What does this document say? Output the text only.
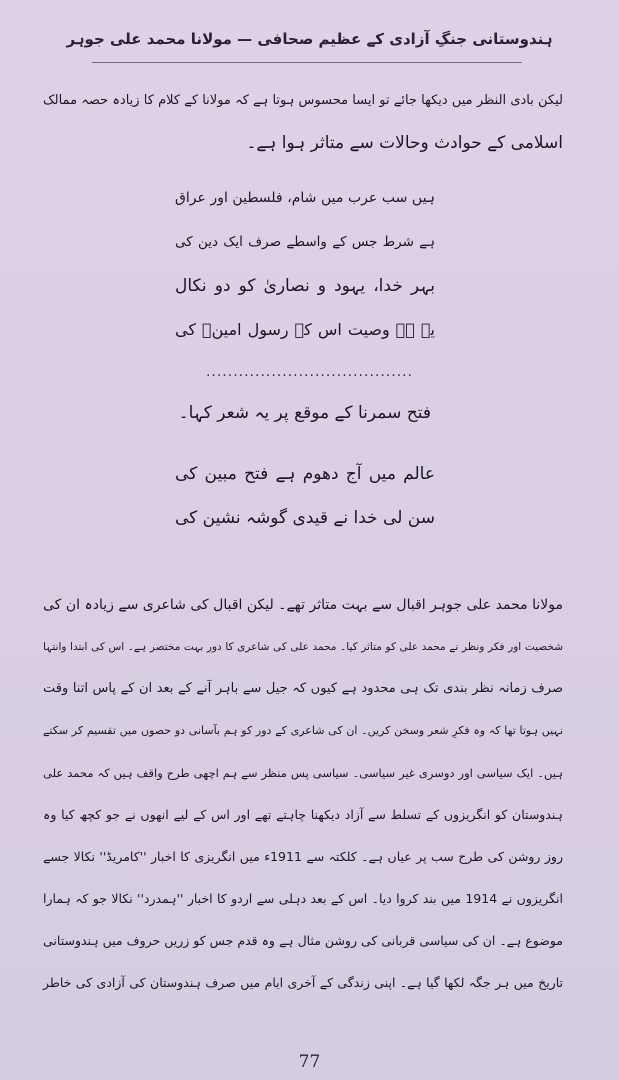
ہندوستانی جنگِ آزادی کے عظیم صحافی — مولانا محمد علی جوہر
لیکن بادی النظر میں دیکھا جائے تو ایسا محسوس ہوتا ہے کہ مولانا کے کلام کا زیادہ حصہ ممالک
اسلامی کے حوادث وحالات سے متاثر ہوا ہے۔
ہیں سب عرب میں شام، فلسطین اور عراق
ہے شرط جس کے واسطے صرف ایک دین کی
بہر خدا، یہود و نصاریٰ کو دو نکال
یہ ہے وصیت اس کے رسول امینؐ کی
......................................
فتح سمرنا کے موقع پر یہ شعر کہا۔
عالم میں آج دھوم ہے فتح مبین کی
سن لی خدا نے قیدی گوشہ نشین کی
مولانا محمد علی جوہر اقبال سے بہت متاثر تھے۔ لیکن اقبال کی شاعری سے زیادہ ان کی
شخصیت اور فکر ونظر نے محمد علی کو متاثر کیا۔ محمد علی کی شاعری کا دور بہت مختصر ہے۔ اس کی ابتدا وانتہا
صرف زمانہ نظر بندی تک ہی محدود ہے کیوں کہ جیل سے باہر آنے کے بعد ان کے پاس اتنا وقت
نہیں ہوتا تھا کہ وہ فکرِ شعر وسخن کریں۔ ان کی شاعری کے دور کو ہم بآسانی دو حصوں میں تقسیم کر سکتے
ہیں۔ ایک سیاسی اور دوسری غیر سیاسی۔ سیاسی پس منظر سے ہم اچھی طرح واقف ہیں کہ محمد علی
ہندوستان کو انگریزوں کے تسلط سے آزاد دیکھنا چاہتے تھے اور اس کے لیے انھوں نے جو کچھ کیا وہ
روز روشن کی طرح سب پر عیاں ہے۔ کلکتہ سے 1911ء میں انگریزی کا اخبار ''کامریڈ'' نکالا جسے
انگریزوں نے 1914 میں بند کروا دیا۔ اس کے بعد دہلی سے اردو کا اخبار ''ہمدرد'' نکالا جو کہ ہمارا
موضوع ہے۔ ان کی سیاسی قربانی کی روشن مثال ہے وہ قدم جس کو زریں حروف میں ہندوستانی
تاریخ میں ہر جگہ لکھا گیا ہے۔ اپنی زندگی کے آخری ایام میں صرف ہندوستان کی آزادی کی خاطر
77
